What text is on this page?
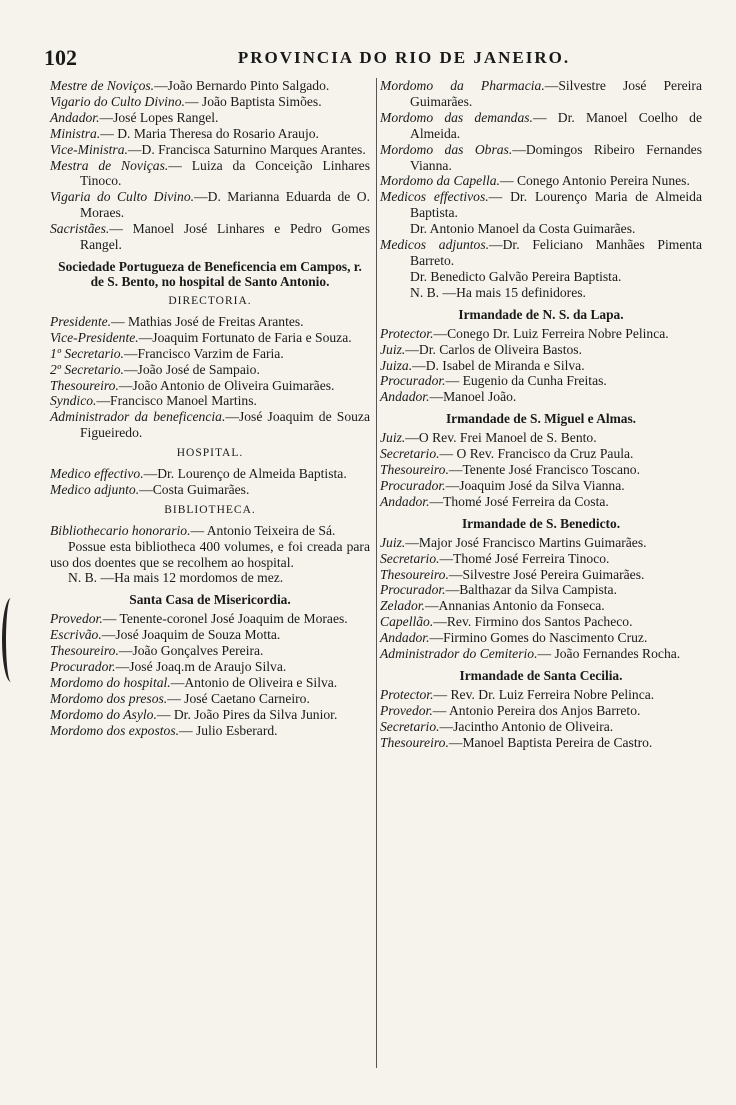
102	PROVINCIA DO RIO DE JANEIRO.

Mestre de Noviços.—João Bernardo Pinto Salgado.

Vigario do Culto Divino.— João Baptista Simões.

Andador.—José Lopes Rangel.

Ministra.— D. Maria Theresa do Rosario Araujo.

Vice-Ministra.—D. Francisca Saturnino Marques Arantes.

Mestra de Noviças.— Luiza da Conceição Linhares Tinoco.

Vigaria do Culto Divino.—D. Marianna Eduarda de O. Moraes.

Sacristães.— Manoel José Linhares e Pedro Gomes Rangel.

Sociedade Portugueza de Beneficencia em Campos, r. de S. Bento, no hospital de Santo Antonio.
DIRECTORIA.

Presidente.— Mathias José de Freitas Arantes.

Vice-Presidente.—Joaquim Fortunato de Faria e Souza.

1º Secretario.—Francisco Varzim de Faria.

2º Secretario.—João José de Sampaio.

Thesoureiro.—João Antonio de Oliveira Guimarães.

Syndico.—Francisco Manoel Martins.

Administrador da beneficencia.—José Joaquim de Souza Figueiredo.

HOSPITAL.

Medico effectivo.—Dr. Lourenço de Almeida Baptista.

Medico adjunto.—Costa Guimarães.

BIBLIOTHECA.

Bibliothecario honorario.— Antonio Teixeira de Sá.

Possue esta bibliotheca 400 volumes, e foi creada para uso dos doentes que se recolhem ao hospital.

N. B. —Ha mais 12 mordomos de mez.

Santa Casa de Misericordia.

Provedor.— Tenente-coronel José Joaquim de Moraes.

Escrivão.—José Joaquim de Souza Motta.

Thesoureiro.—João Gonçalves Pereira.

Procurador.—José Joaq.m de Araujo Silva.

Mordomo do hospital.—Antonio de Oliveira e Silva.

Mordomo dos presos.— José Caetano Carneiro.

Mordomo do Asylo.— Dr. João Pires da Silva Junior.

Mordomo dos expostos.— Julio Esberard.

Mordomo da Pharmacia.—Silvestre José Pereira Guimarães.

Mordomo das demandas.— Dr. Manoel Coelho de Almeida.

Mordomo das Obras.—Domingos Ribeiro Fernandes Vianna.

Mordomo da Capella.— Conego Antonio Pereira Nunes.

Medicos effectivos.— Dr. Lourenço Maria de Almeida Baptista.

Dr. Antonio Manoel da Costa Guimarães.

Medicos adjuntos.—Dr. Feliciano Manhães Pimenta Barreto.

Dr. Benedicto Galvão Pereira Baptista.

N. B. —Ha mais 15 definidores.

Irmandade de N. S. da Lapa.

Protector.—Conego Dr. Luiz Ferreira Nobre Pelinca.

Juiz.—Dr. Carlos de Oliveira Bastos.

Juiza.—D. Isabel de Miranda e Silva.

Procurador.— Eugenio da Cunha Freitas.

Andador.—Manoel João.

Irmandade de S. Miguel e Almas.

Juiz.—O Rev. Frei Manoel de S. Bento.

Secretario.— O Rev. Francisco da Cruz Paula.

Thesoureiro.—Tenente José Francisco Toscano.

Procurador.—Joaquim José da Silva Vianna.

Andador.—Thomé José Ferreira da Costa.

Irmandade de S. Benedicto.

Juiz.—Major José Francisco Martins Guimarães.

Secretario.—Thomé José Ferreira Tinoco.

Thesoureiro.—Silvestre José Pereira Guimarães.

Procurador.—Balthazar da Silva Campista.

Zelador.—Annanias Antonio da Fonseca.

Capellão.—Rev. Firmino dos Santos Pacheco.

Andador.—Firmino Gomes do Nascimento Cruz.

Administrador do Cemiterio.— João Fernandes Rocha.

Irmandade de Santa Cecilia.

Protector.— Rev. Dr. Luiz Ferreira Nobre Pelinca.

Provedor.— Antonio Pereira dos Anjos Barreto.

Secretario.—Jacintho Antonio de Oliveira.

Thesoureiro.—Manoel Baptista Pereira de Castro.
